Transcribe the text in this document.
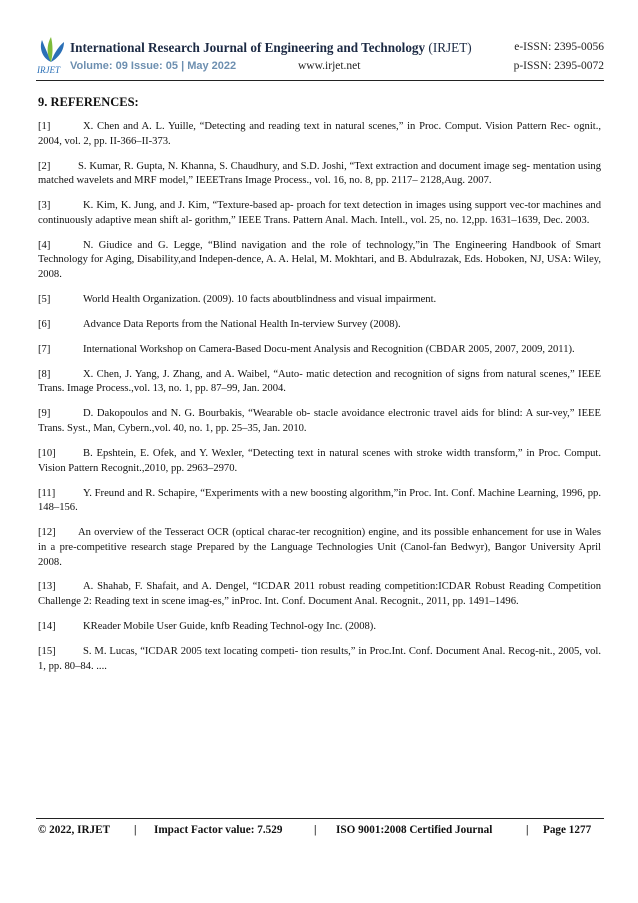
IRJET
International Research Journal of Engineering and Technology (IRJET)	e-ISSN: 2395-0056
Volume: 09 Issue: 05 | May 2022	www.irjet.net	p-ISSN: 2395-0072
9. REFERENCES:

[1]	X. Chen and A. L. Yuille, “Detecting and reading text in natural scenes,” in Proc. Comput. Vision Pattern Rec- ognit., 2004, vol. 2, pp. II-366–II-373.

[2]	S. Kumar, R. Gupta, N. Khanna, S. Chaudhury, and S.D. Joshi, “Text extraction and document image seg- mentation using matched wavelets and MRF model,” IEEETrans Image Process., vol. 16, no. 8, pp. 2117– 2128,Aug. 2007.

[3]	K. Kim, K. Jung, and J. Kim, “Texture-based ap- proach for text detection in images using support vec-tor machines and continuously adaptive mean shift al- gorithm,” IEEE Trans. Pattern Anal. Mach. Intell., vol. 25, no. 12,pp. 1631–1639, Dec. 2003.

[4]	N. Giudice and G. Legge, “Blind navigation and the role of technology,”in The Engineering Handbook of Smart Technology for Aging, Disability,and Indepen-dence, A. A. Helal, M. Mokhtari, and B. Abdulrazak, Eds. Hoboken, NJ, USA: Wiley, 2008.

[5]	World Health Organization. (2009). 10 facts aboutblindness and visual impairment.

[6]	Advance Data Reports from the National Health In-terview Survey (2008).

[7]	International Workshop on Camera-Based Docu-ment Analysis and Recognition (CBDAR 2005, 2007, 2009, 2011).

[8]	X. Chen, J. Yang, J. Zhang, and A. Waibel, “Auto- matic detection and recognition of signs from natural scenes,” IEEE Trans. Image Process.,vol. 13, no. 1, pp. 87–99, Jan. 2004.

[9]	D. Dakopoulos and N. G. Bourbakis, “Wearable ob- stacle avoidance electronic travel aids for blind: A sur-vey,” IEEE Trans. Syst., Man, Cybern.,vol. 40, no. 1, pp. 25–35, Jan. 2010.

[10]	B. Epshtein, E. Ofek, and Y. Wexler, “Detecting text in natural scenes with stroke width transform,” in Proc. Comput. Vision Pattern Recognit.,2010, pp. 2963–2970.

[11]	Y. Freund and R. Schapire, “Experiments with a new boosting algorithm,”in Proc. Int. Conf. Machine Learning, 1996, pp. 148–156.

[12] An overview of the Tesseract OCR (optical charac-ter recognition) engine, and its possible enhancement for use in Wales in a pre-competitive research stage Prepared by the Language Technologies Unit (Canol-fan Bedwyr), Bangor University April 2008.

[13]	A. Shahab, F. Shafait, and A. Dengel, “ICDAR 2011 robust reading competition:ICDAR Robust Reading Competition Challenge 2: Reading text in scene imag-es,” inProc. Int. Conf. Document Anal. Recognit., 2011, pp. 1491–1496.

[14]	KReader Mobile User Guide, knfb Reading Technol-ogy Inc. (2008).

[15]	S. M. Lucas, “ICDAR 2005 text locating competi- tion results,” in Proc.Int. Conf. Document Anal. Recog-nit., 2005, vol. 1, pp. 80–84. ....

© 2022, IRJET | Impact Factor value: 7.529	| ISO 9001:2008 Certified Journal	| Page 1277
